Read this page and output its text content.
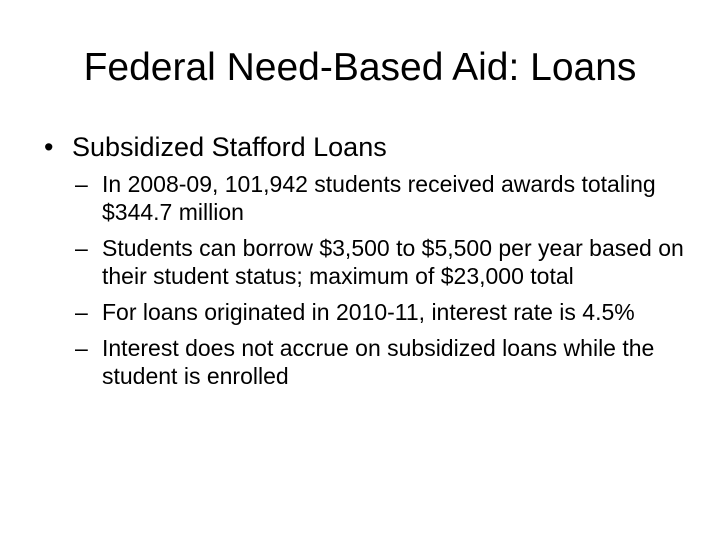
Federal Need-Based Aid: Loans
• Subsidized Stafford Loans
– In 2008-09, 101,942 students received awards totaling $344.7 million
– Students can borrow $3,500 to $5,500 per year based on their student status; maximum of $23,000 total
– For loans originated in 2010-11, interest rate is 4.5%
– Interest does not accrue on subsidized loans while the student is enrolled
